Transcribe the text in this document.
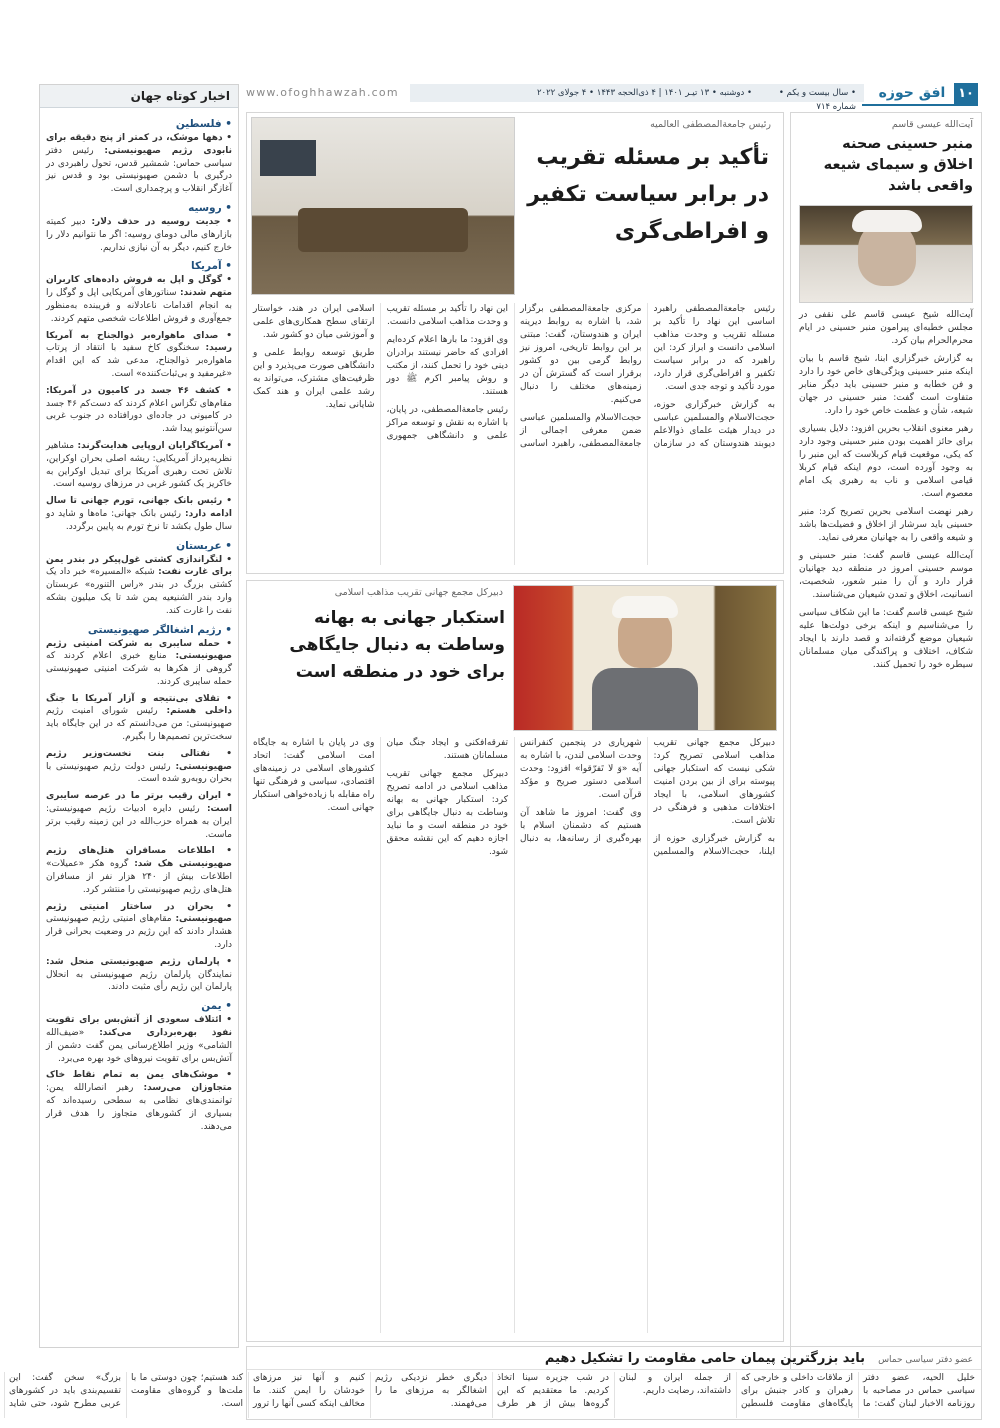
۱۰
افق حوزه
• سال بیست و یکم • شماره ۷۱۴
• دوشنبه • ۱۳ تیـر ۱۴۰۱ | ۴ ذی‌الحجه ۱۴۴۳ • ۴ جولای ۲۰۲۲
www.ofoghhawzah.com
اخبار کوتاه جهان
• فلسطین
• دهها موشک، در کمتر از پنج دقیقه برای نابودی رژیم صهیونیستی: رئیس دفتر سیاسی حماس: شمشیر قدس، تحول راهبردی در درگیری با دشمن صهیونیستی بود و قدس نیز آغازگر انقلاب و پرچمداری است.
• روسیه
• جدیت روسیه در حذف دلار: دبیر کمیته بازارهای مالی دومای روسیه: اگر ما نتوانیم دلار را خارج کنیم، دیگر به آن نیازی نداریم.
• آمریکا
• گوگل و اپل به فروش داده‌های کاربران متهم شدند: سناتورهای آمریکایی اپل و گوگل را به انجام اقدامات ناعادلانه و فریبنده به‌منظور جمع‌آوری و فروش اطلاعات شخصی متهم کردند.
• صدای ماهواره‌بر ذوالجناح به آمریکا رسید: سخنگوی کاخ سفید با انتقاد از پرتاب ماهواره‌بر ذوالجناح، مدعی شد که این اقدام «غیرمفید و بی‌ثبات‌کننده» است.
• کشف ۴۶ جسد در کامیون در آمریکا: مقام‌های تگزاس اعلام کردند که دست‌کم ۴۶ جسد در کامیونی در جاده‌ای دورافتاده در جنوب غربی سن‌آنتونیو پیدا شد.
• آمریکاگرایان اروپایی هدایت‌گرند: مشاهیر نظریه‌پرداز آمریکایی: ریشه اصلی بحران اوکراین، تلاش تحت رهبری آمریکا برای تبدیل اوکراین به خاکریز یک کشور غربی در مرزهای روسیه است.
• رئیس بانک جهانی، تورم جهانی تا سال ادامه دارد: رئیس بانک جهانی: ماه‌ها و شاید دو سال طول بکشد تا نرخ تورم به پایین برگردد.
• عربستان
• لنگراندازی کشتی غول‌پیکر در بندر یمن برای غارت نفت: شبکه «المسیره» خبر داد یک کشتی بزرگ در بندر «راس التنوره» عربستان وارد بندر الشنیعیه یمن شد تا یک میلیون بشکه نفت را غارت کند.
• رژیم اشغالگر صهیونیستی
• حمله سایبری به شرکت امنیتی رژیم صهیونیستی: منابع خبری اعلام کردند که گروهی از هکرها به شرکت امنیتی صهیونیستی حمله سایبری کردند.
• تقلای بی‌نتیجه و آزار آمریکا با جنگ داخلی هستم: رئیس شورای امنیت رژیم صهیونیستی: من می‌دانستم که در این جایگاه باید سخت‌ترین تصمیم‌ها را بگیرم.
• نفتالی بنت نخست‌وزیر رژیم صهیونیستی: رئیس دولت رژیم صهیونیستی با بحران روبه‌رو شده است.
• ایران رقیب برتر ما در عرصه سایبری است: رئیس دایره ادبیات رژیم صهیونیستی: ایران به همراه حزب‌الله در این زمینه رقیب برتر ماست.
• اطلاعات مسافران هتل‌های رژیم صهیونیستی هک شد: گروه هکر «عمیلات» اطلاعات بیش از ۲۴۰ هزار نفر از مسافران هتل‌های رژیم صهیونیستی را منتشر کرد.
• بحران در ساختار امنیتی رژیم صهیونیستی: مقام‌های امنیتی رژیم صهیونیستی هشدار دادند که این رژیم در وضعیت بحرانی قرار دارد.
• پارلمان رژیم صهیونیستی منحل شد: نمایندگان پارلمان رژیم صهیونیستی به انحلال پارلمان این رژیم رأی مثبت دادند.
• یمن
• ائتلاف سعودی از آتش‌بس برای تقویت نفوذ بهره‌برداری می‌کند: «ضیف‌الله الشامی» وزیر اطلاع‌رسانی یمن گفت دشمن از آتش‌بس برای تقویت نیروهای خود بهره می‌برد.
• موشک‌های یمن به تمام نقاط خاک متجاوزان می‌رسد: رهبر انصارالله یمن: توانمندی‌های نظامی به سطحی رسیده‌اند که بسیاری از کشورهای متجاوز را هدف قرار می‌دهند.
آیت‌الله عیسی قاسم
منبر حسینی صحنه اخلاق و سیمای شیعه واقعی باشد

آیت‌الله شیخ عیسی قاسم علی نقفی در مجلس خطبه‌ای پیرامون منبر حسینی در ایام محرم‌الحرام بیان کرد.

به گزارش خبرگزاری ابنا، شیخ قاسم با بیان اینکه منبر حسینی ویژگی‌های خاص خود را دارد و فن خطابه و منبر حسینی باید دیگر منابر متفاوت است گفت: منبر حسینی در جهان شیعه، شأن و عظمت خاص خود را دارد.

رهبر معنوی انقلاب بحرین افزود: دلایل بسیاری برای حائز اهمیت بودن منبر حسینی وجود دارد که یکی، موقعیت قیام کربلاست که این منبر را به وجود آورده است، دوم اینکه قیام کربلا قیامی اسلامی و ناب به رهبری یک امام معصوم است.

رهبر نهضت اسلامی بحرین تصریح کرد: منبر حسینی باید سرشار از اخلاق و فضیلت‌ها باشد و شیعه واقعی را به جهانیان معرفی نماید.

آیت‌الله عیسی قاسم گفت: منبر حسینی و موسم حسینی امروز در منطقه دید جهانیان قرار دارد و آن را منبر شعور، شخصیت، انسانیت، اخلاق و تمدن شیعیان می‌شناسند.

شیخ عیسی قاسم گفت: ما این شکاف سیاسی را می‌شناسیم و اینکه برخی دولت‌ها علیه شیعیان موضع گرفته‌اند و قصد دارند با ایجاد شکاف، اختلاف و پراکندگی میان مسلمانان سیطره خود را تحمیل کنند.

رئیس جامعة‌المصطفی العالمیه
تأکید بر مسئله تقریب در برابر سیاست تکفیر و افراطی‌گری

رئیس جامعة‌المصطفی راهبرد اساسی این نهاد را تأکید بر مسئله تقریب و وحدت مذاهب اسلامی دانست و ابراز کرد: این راهبرد که در برابر سیاست تکفیر و افراطی‌گری قرار دارد، مورد تأکید و توجه جدی است.

به گزارش خبرگزاری حوزه، حجت‌الاسلام والمسلمین عباسی در دیدار هیئت علمای ذوالاعلم دیوبند هندوستان که در سازمان مرکزی جامعة‌المصطفی برگزار شد، با اشاره به روابط دیرینه ایران و هندوستان، گفت: مبتنی بر این روابط تاریخی، امروز نیز روابط گرمی بین دو کشور برقرار است که گسترش آن در زمینه‌های مختلف را دنبال می‌کنیم.

حجت‌الاسلام والمسلمین عباسی ضمن معرفی اجمالی از جامعة‌المصطفی، راهبرد اساسی این نهاد را تأکید بر مسئله تقریب و وحدت مذاهب اسلامی دانست.

وی افزود: ما بارها اعلام کرده‌ایم افرادی که حاضر نیستند برادران دینی خود را تحمل کنند، از مکتب و روش پیامبر اکرم ﷺ دور هستند.

رئیس جامعة‌المصطفی، در پایان، با اشاره به نقش و توسعه مراکز علمی و دانشگاهی جمهوری اسلامی ایران در هند، خواستار ارتقای سطح همکاری‌های علمی و آموزشی میان دو کشور شد.

طریق توسعه روابط علمی و دانشگاهی صورت می‌پذیرد و این ظرفیت‌های مشترک، می‌تواند به رشد علمی ایران و هند کمک شایانی نماید.

دبیرکل مجمع جهانی تقریب مذاهب اسلامی
استکبار جهانی به بهانه وساطت به دنبال جایگاهی برای خود در منطقه است

دبیرکل مجمع جهانی تقریب مذاهب اسلامی تصریح کرد: شکی نیست که استکبار جهانی پیوسته برای از بین بردن امنیت کشورهای اسلامی، با ایجاد اختلافات مذهبی و فرهنگی در تلاش است.

به گزارش خبرگزاری حوزه از ایلنا، حجت‌الاسلام والمسلمین شهریاری در پنجمین کنفرانس وحدت اسلامی لندن، با اشاره به آیه «وَ لا تَفرّقوا» افزود: وحدت اسلامی دستور صریح و مؤکد قرآن است.

وی گفت: امروز ما شاهد آن هستیم که دشمنان اسلام با بهره‌گیری از رسانه‌ها، به دنبال تفرقه‌افکنی و ایجاد جنگ میان مسلمانان هستند.

دبیرکل مجمع جهانی تقریب مذاهب اسلامی در ادامه تصریح کرد: استکبار جهانی به بهانه وساطت به دنبال جایگاهی برای خود در منطقه است و ما نباید اجازه دهیم که این نقشه محقق شود.

وی در پایان با اشاره به جایگاه امت اسلامی گفت: اتحاد کشورهای اسلامی در زمینه‌های اقتصادی، سیاسی و فرهنگی تنها راه مقابله با زیاده‌خواهی استکبار جهانی است.

عضو دفتر سیاسی حماس باید بزرگترین پیمان حامی مقاومت را تشکیل دهیم

خلیل الحیه، عضو دفتر سیاسی حماس در مصاحبه با روزنامه الاخبار لبنان گفت: ما از ملاقات داخلی و خارجی که رهبران و کادر جنبش برای پایگاه‌های مقاومت فلسطین از جمله ایران و لبنان داشته‌اند، رضایت داریم.

در شب جزیره سینا اتخاذ کردیم. ما معتقدیم که این گروه‌ها بیش از هر طرف دیگری خطر نزدیکی رژیم اشغالگر به مرزهای ما را می‌فهمند.

کنیم و آنها نیز مرزهای خودشان را ایمن کنند. ما مخالف اینکه کسی آنها را ترور کند هستیم؛ چون دوستی ما با ملت‌ها و گروه‌های مقاومت است.

بزرگ» سخن گفت: این تقسیم‌بندی باید در کشورهای عربی مطرح شود، حتی شاید
